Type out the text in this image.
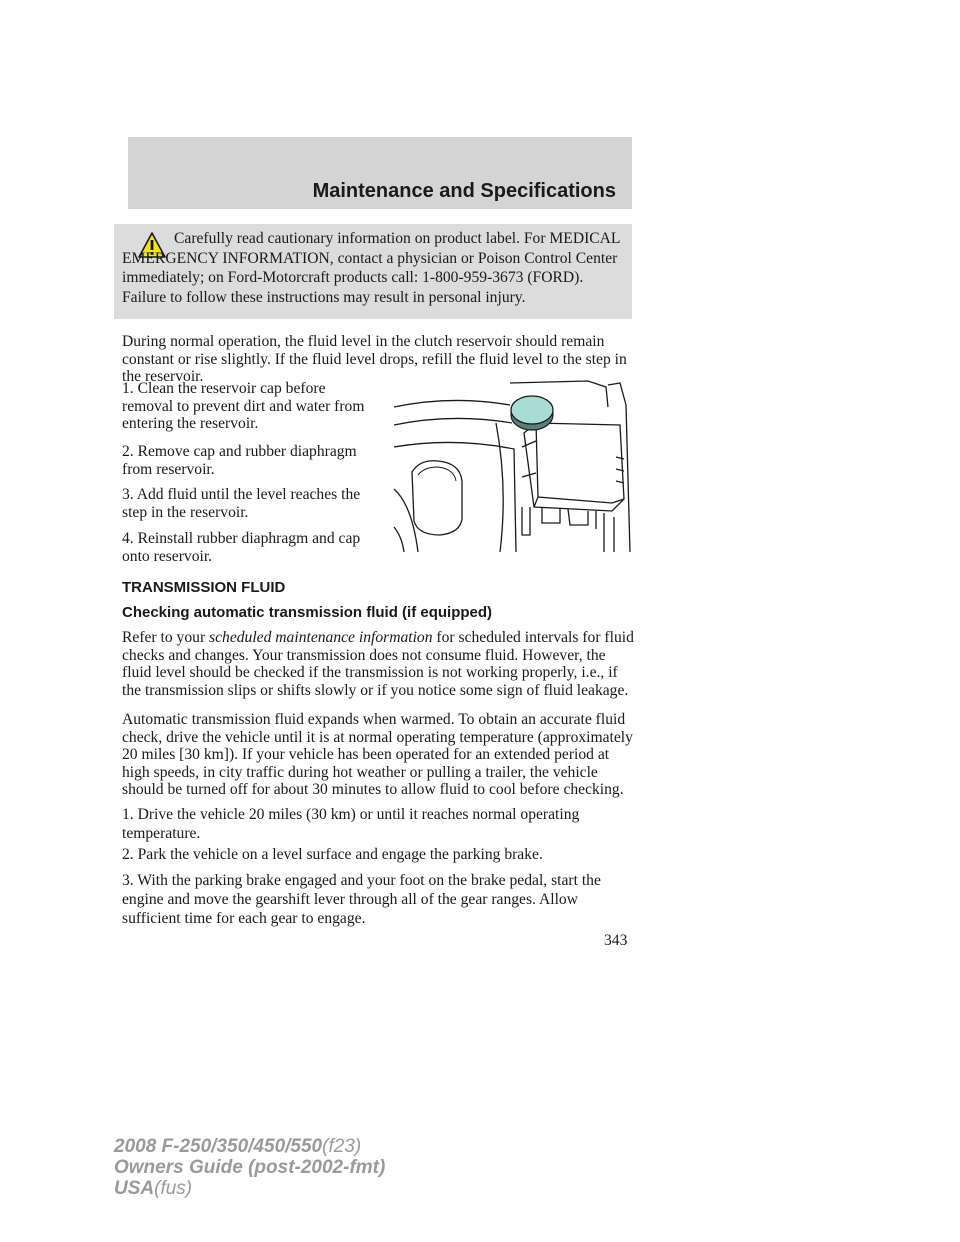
Maintenance and Specifications

Carefully read cautionary information on product label. For MEDICAL EMERGENCY INFORMATION, contact a physician or Poison Control Center immediately; on Ford-Motorcraft products call: 1-800-959-3673 (FORD). Failure to follow these instructions may result in personal injury.

During normal operation, the fluid level in the clutch reservoir should remain constant or rise slightly. If the fluid level drops, refill the fluid level to the step in the reservoir.

1. Clean the reservoir cap before removal to prevent dirt and water from entering the reservoir.

2. Remove cap and rubber diaphragm from reservoir.

3. Add fluid until the level reaches the step in the reservoir.

4. Reinstall rubber diaphragm and cap onto reservoir.

TRANSMISSION FLUID

Checking automatic transmission fluid (if equipped)

Refer to your scheduled maintenance information for scheduled intervals for fluid checks and changes. Your transmission does not consume fluid. However, the fluid level should be checked if the transmission is not working properly, i.e., if the transmission slips or shifts slowly or if you notice some sign of fluid leakage.

Automatic transmission fluid expands when warmed. To obtain an accurate fluid check, drive the vehicle until it is at normal operating temperature (approximately 20 miles [30 km]). If your vehicle has been operated for an extended period at high speeds, in city traffic during hot weather or pulling a trailer, the vehicle should be turned off for about 30 minutes to allow fluid to cool before checking.

1. Drive the vehicle 20 miles (30 km) or until it reaches normal operating temperature.

2. Park the vehicle on a level surface and engage the parking brake.

3. With the parking brake engaged and your foot on the brake pedal, start the engine and move the gearshift lever through all of the gear ranges. Allow sufficient time for each gear to engage.

343
2008 F-250/350/450/550(f23)
Owners Guide (post-2002-fmt)
USA(fus)
